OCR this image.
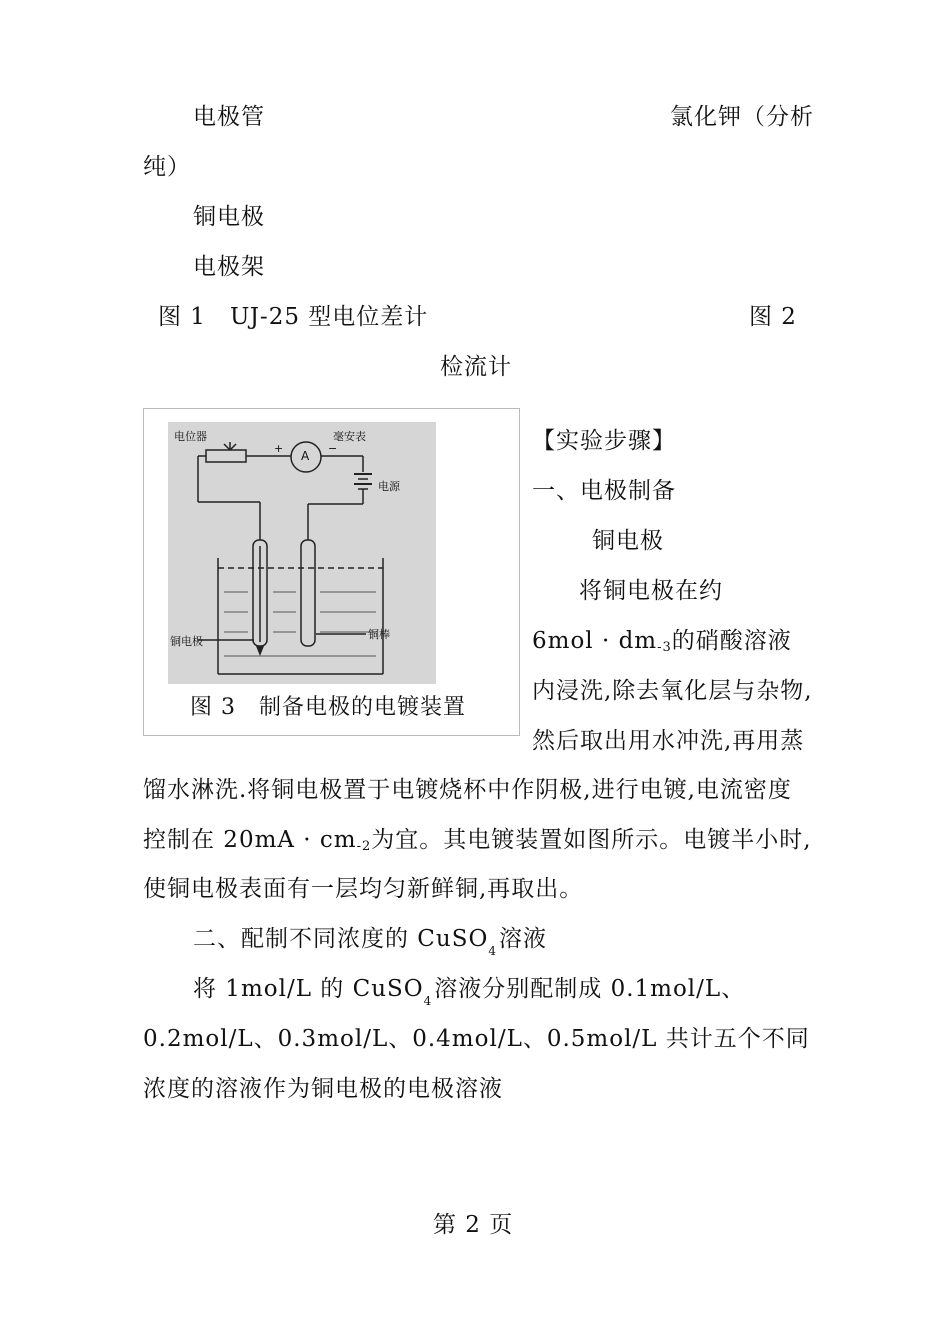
电极管	氯化钾（分析
纯）
铜电极
电极架
图 1　UJ-25 型电位差计	图 2
检流计
电位器	毫安表
A
+	−
电源
铜电极
铜棒
图 3　制备电极的电镀装置
【实验步骤】
一、电极制备
铜电极
将铜电极在约
6mol · dm-3的硝酸溶液
内浸洗,除去氧化层与杂物,
然后取出用水冲洗,再用蒸
馏水淋洗.将铜电极置于电镀烧杯中作阴极,进行电镀,电流密度
控制在 20mA · cm-2为宜。其电镀装置如图所示。电镀半小时,
使铜电极表面有一层均匀新鲜铜,再取出。
二、配制不同浓度的 CuSO$_4$溶液
将 1mol/L 的 CuSO$_4$溶液分别配制成 0.1mol/L、
0.2mol/L、0.3mol/L、0.4mol/L、0.5mol/L 共计五个不同
浓度的溶液作为铜电极的电极溶液
第 2 页
